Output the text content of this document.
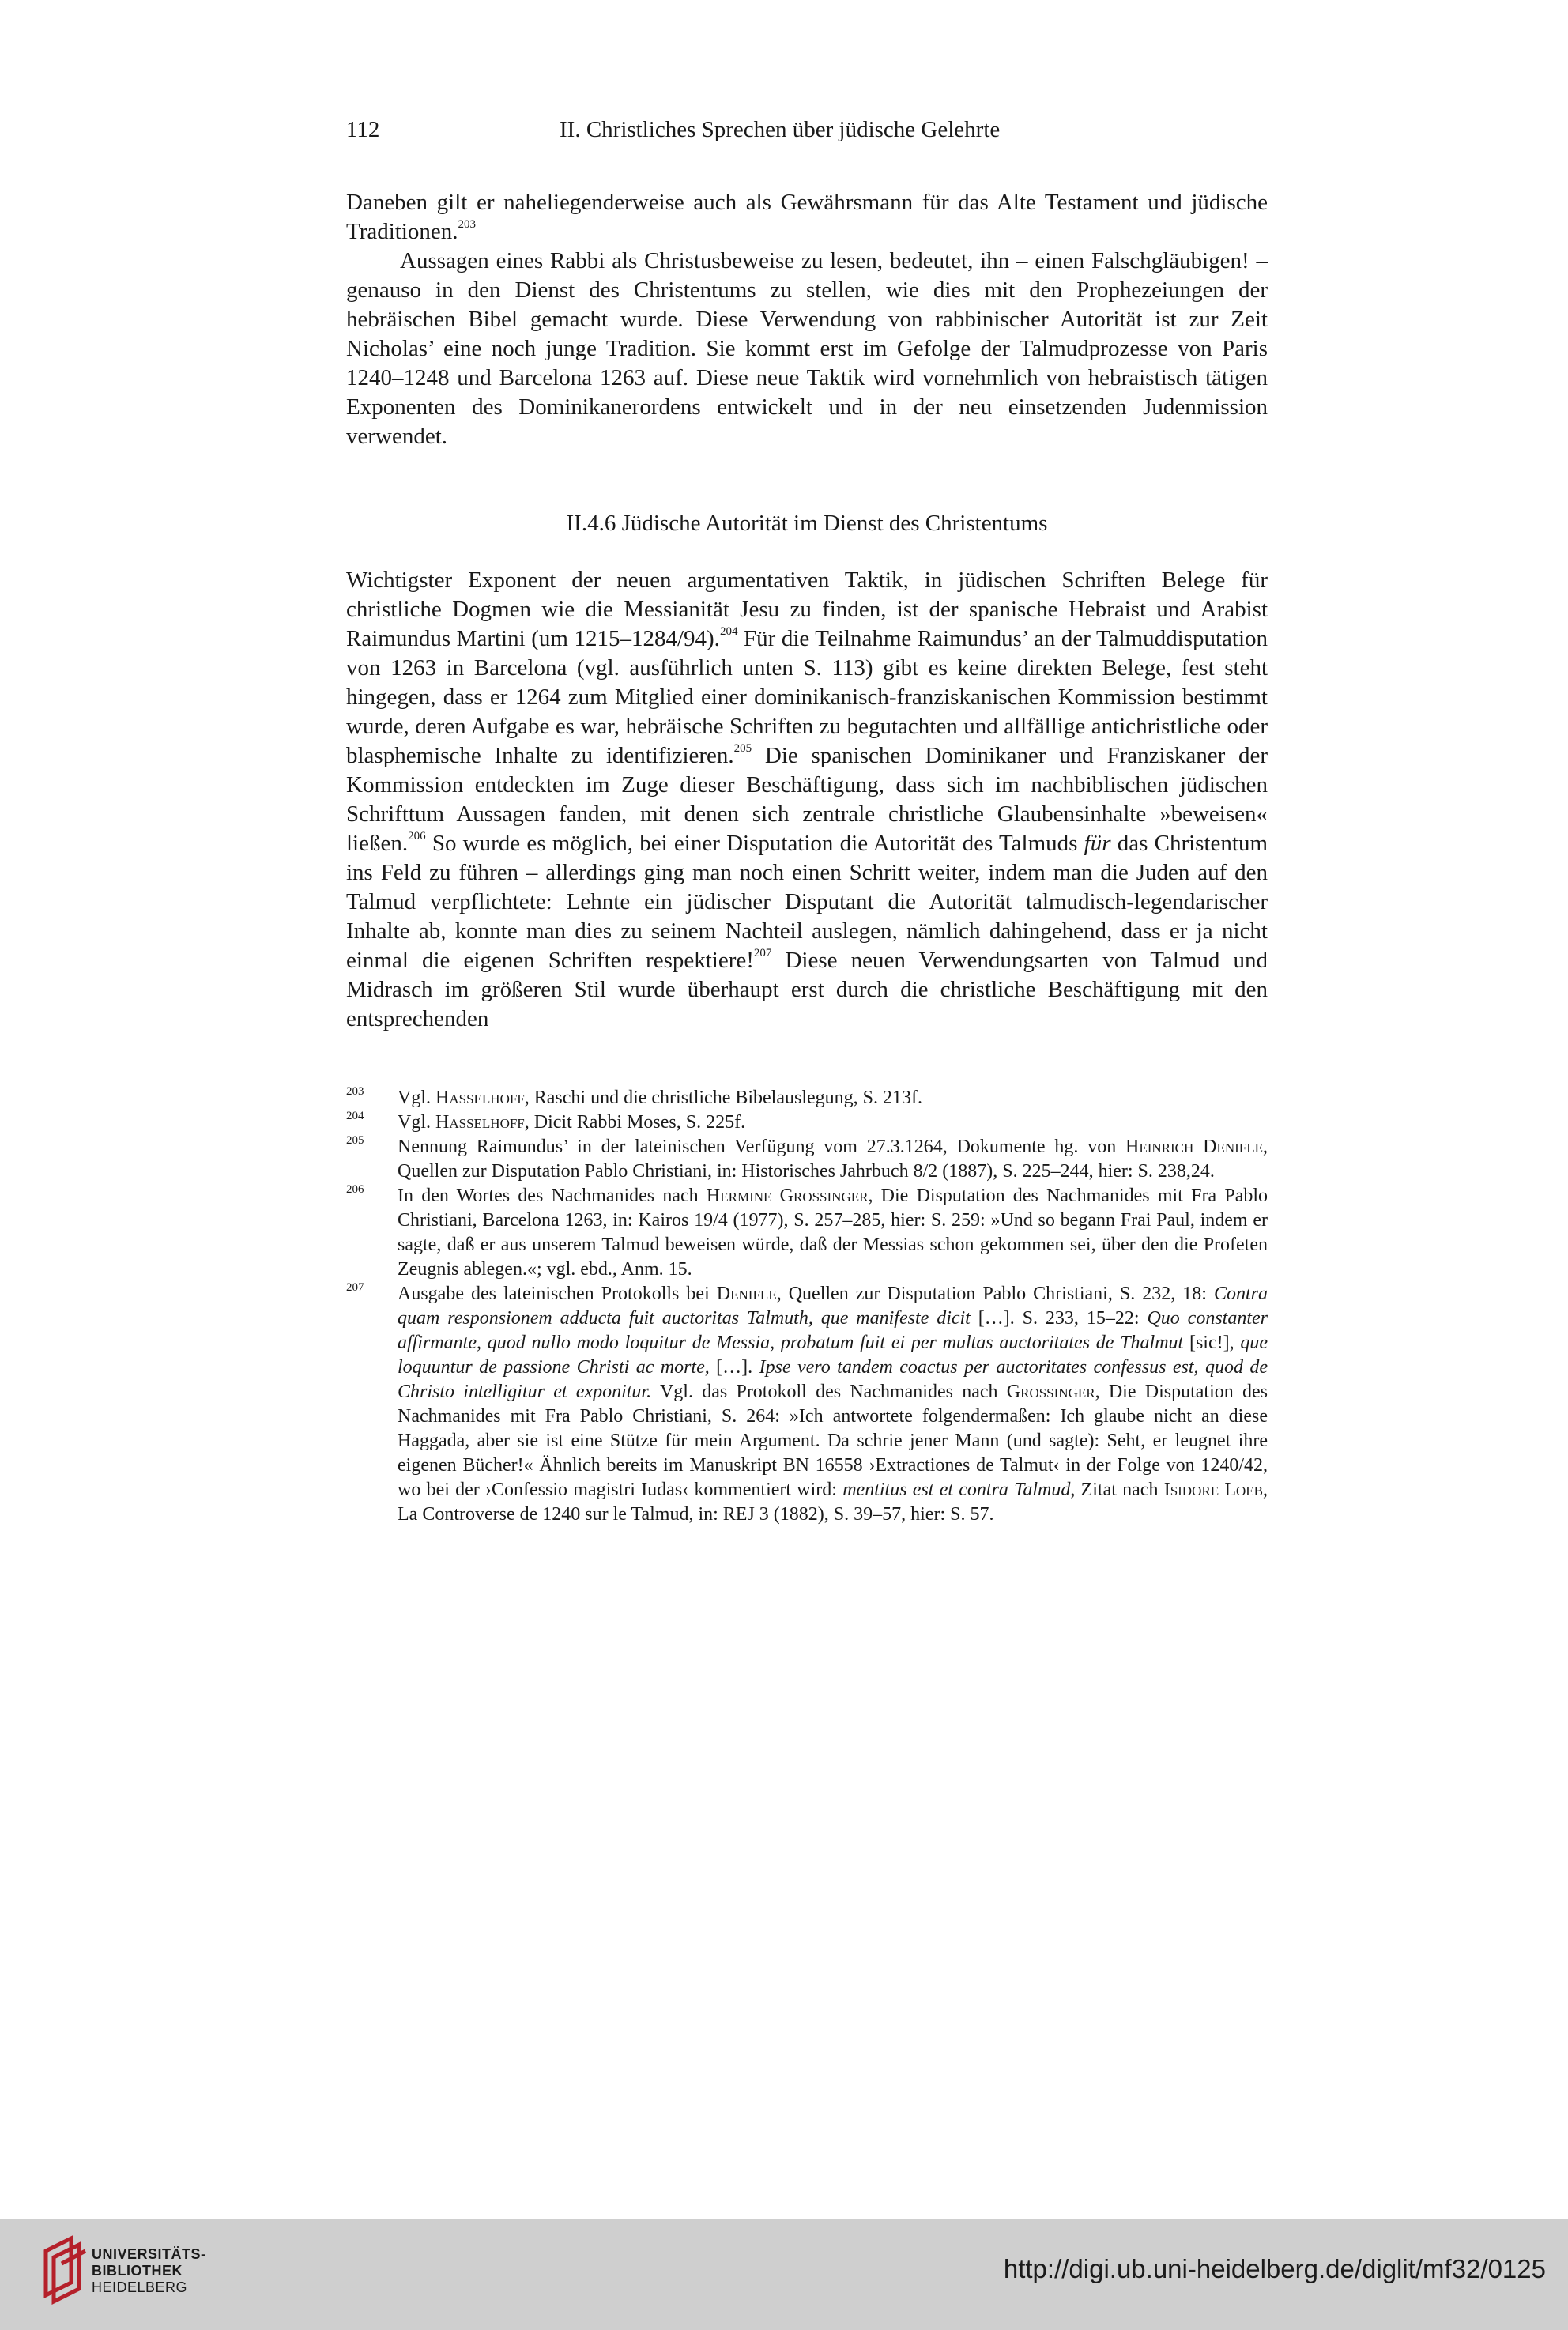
112	II. Christliches Sprechen über jüdische Gelehrte

Daneben gilt er naheliegenderweise auch als Gewährsmann für das Alte Testament und jüdische Traditionen.$^{203}$

Aussagen eines Rabbi als Christusbeweise zu lesen, bedeutet, ihn – einen Falschgläubigen! – genauso in den Dienst des Christentums zu stellen, wie dies mit den Prophezeiungen der hebräischen Bibel gemacht wurde. Diese Verwendung von rabbinischer Autorität ist zur Zeit Nicholas’ eine noch junge Tradition. Sie kommt erst im Gefolge der Talmudprozesse von Paris 1240–1248 und Barcelona 1263 auf. Diese neue Taktik wird vornehmlich von hebraistisch tätigen Exponenten des Dominikanerordens entwickelt und in der neu einsetzenden Judenmission verwendet.

II.4.6 Jüdische Autorität im Dienst des Christentums

Wichtigster Exponent der neuen argumentativen Taktik, in jüdischen Schriften Belege für christliche Dogmen wie die Messianität Jesu zu finden, ist der spanische Hebraist und Arabist Raimundus Martini (um 1215–1284/94).$^{204}$ Für die Teilnahme Raimundus’ an der Talmuddisputation von 1263 in Barcelona (vgl. ausführlich unten S. 113) gibt es keine direkten Belege, fest steht hingegen, dass er 1264 zum Mitglied einer dominikanisch-franziskanischen Kommission bestimmt wurde, deren Aufgabe es war, hebräische Schriften zu begutachten und allfällige antichristliche oder blasphemische Inhalte zu identifizieren.$^{205}$ Die spanischen Dominikaner und Franziskaner der Kommission entdeckten im Zuge dieser Beschäftigung, dass sich im nachbiblischen jüdischen Schrifttum Aussagen fanden, mit denen sich zentrale christliche Glaubensinhalte »beweisen« ließen.$^{206}$ So wurde es möglich, bei einer Disputation die Autorität des Talmuds für das Christentum ins Feld zu führen – allerdings ging man noch einen Schritt weiter, indem man die Juden auf den Talmud verpflichtete: Lehnte ein jüdischer Disputant die Autorität talmudisch-legendarischer Inhalte ab, konnte man dies zu seinem Nachteil auslegen, nämlich dahingehend, dass er ja nicht einmal die eigenen Schriften respektiere!$^{207}$ Diese neuen Verwendungsarten von Talmud und Midrasch im größeren Stil wurde überhaupt erst durch die christliche Beschäftigung mit den entsprechenden

203 Vgl. Hasselhoff, Raschi und die christliche Bibelauslegung, S. 213f.

204 Vgl. Hasselhoff, Dicit Rabbi Moses, S. 225f.

205 Nennung Raimundus’ in der lateinischen Verfügung vom 27.3.1264, Dokumente hg. von Heinrich Denifle, Quellen zur Disputation Pablo Christiani, in: Historisches Jahrbuch 8/2 (1887), S. 225–244, hier: S. 238,24.

206 In den Wortes des Nachmanides nach Hermine Grossinger, Die Disputation des Nachmanides mit Fra Pablo Christiani, Barcelona 1263, in: Kairos 19/4 (1977), S. 257–285, hier: S. 259: »Und so begann Frai Paul, indem er sagte, daß er aus unserem Talmud beweisen würde, daß der Messias schon gekommen sei, über den die Profeten Zeugnis ablegen.«; vgl. ebd., Anm. 15.

207 Ausgabe des lateinischen Protokolls bei Denifle, Quellen zur Disputation Pablo Christiani, S. 232, 18: Contra quam responsionem adducta fuit auctoritas Talmuth, que manifeste dicit […]. S. 233, 15–22: Quo constanter affirmante, quod nullo modo loquitur de Messia, probatum fuit ei per multas auctoritates de Thalmut [sic!], que loquuntur de passione Christi ac morte, […]. Ipse vero tandem coactus per auctoritates confessus est, quod de Christo intelligitur et exponitur. Vgl. das Protokoll des Nachmanides nach Grossinger, Die Disputation des Nachmanides mit Fra Pablo Christiani, S. 264: »Ich antwortete folgendermaßen: Ich glaube nicht an diese Haggada, aber sie ist eine Stütze für mein Argument. Da schrie jener Mann (und sagte): Seht, er leugnet ihre eigenen Bücher!« Ähnlich bereits im Manuskript BN 16558 ›Extractiones de Talmut‹ in der Folge von 1240/42, wo bei der ›Confessio magistri Iudas‹ kommentiert wird: mentitus est et contra Talmud, Zitat nach Isidore Loeb, La Controverse de 1240 sur le Talmud, in: REJ 3 (1882), S. 39–57, hier: S. 57.

UNIVERSITÄTS-
BIBLIOTHEK
HEIDELBERG
http://digi.ub.uni-heidelberg.de/diglit/mf32/0125
